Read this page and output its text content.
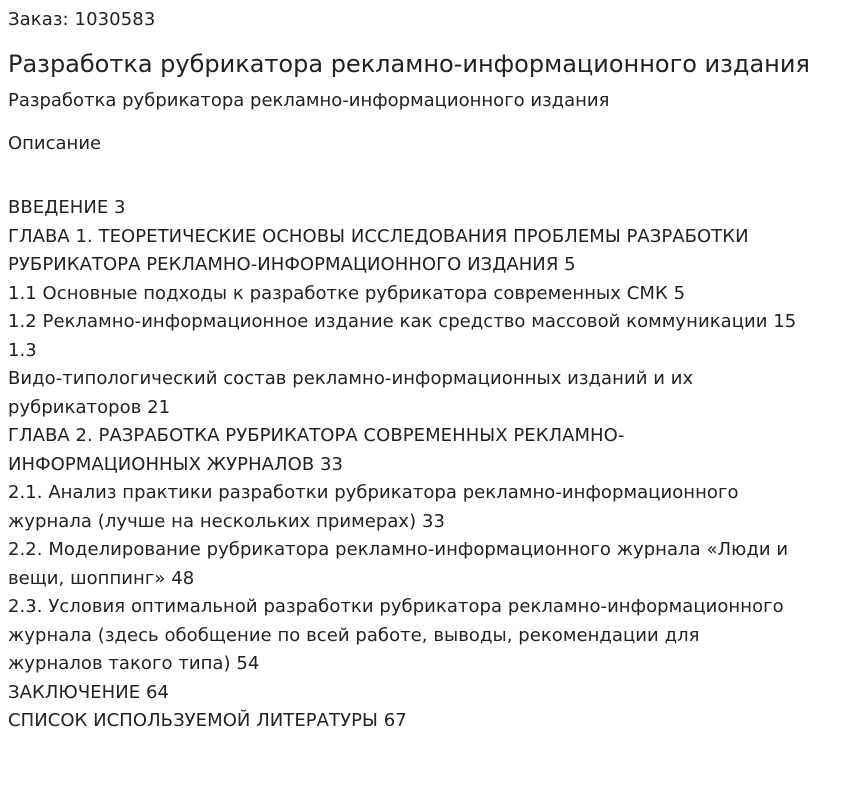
Заказ: 1030583
Разработка рубрикатора рекламно-информационного издания
Разработка рубрикатора рекламно-информационного издания
Описание
ВВЕДЕНИЕ 3
ГЛАВА 1. ТЕОРЕТИЧЕСКИЕ ОСНОВЫ ИССЛЕДОВАНИЯ ПРОБЛЕМЫ РАЗРАБОТКИ
РУБРИКАТОРА РЕКЛАМНО-ИНФОРМАЦИОННОГО ИЗДАНИЯ 5
1.1 Основные подходы к разработке рубрикатора современных СМК 5
1.2 Рекламно-информационное издание как средство массовой коммуникации 15
1.3
Видо-типологический состав рекламно-информационных изданий и их
рубрикаторов 21
ГЛАВА 2. РАЗРАБОТКА РУБРИКАТОРА СОВРЕМЕННЫХ РЕКЛАМНО-
ИНФОРМАЦИОННЫХ ЖУРНАЛОВ 33
2.1. Анализ практики разработки рубрикатора рекламно-информационного
журнала (лучше на нескольких примерах) 33
2.2. Моделирование рубрикатора рекламно-информационного журнала «Люди и
вещи, шоппинг» 48
2.3. Условия оптимальной разработки рубрикатора рекламно-информационного
журнала (здесь обобщение по всей работе, выводы, рекомендации для
журналов такого типа) 54
ЗАКЛЮЧЕНИЕ 64
СПИСОК ИСПОЛЬЗУЕМОЙ ЛИТЕРАТУРЫ 67
